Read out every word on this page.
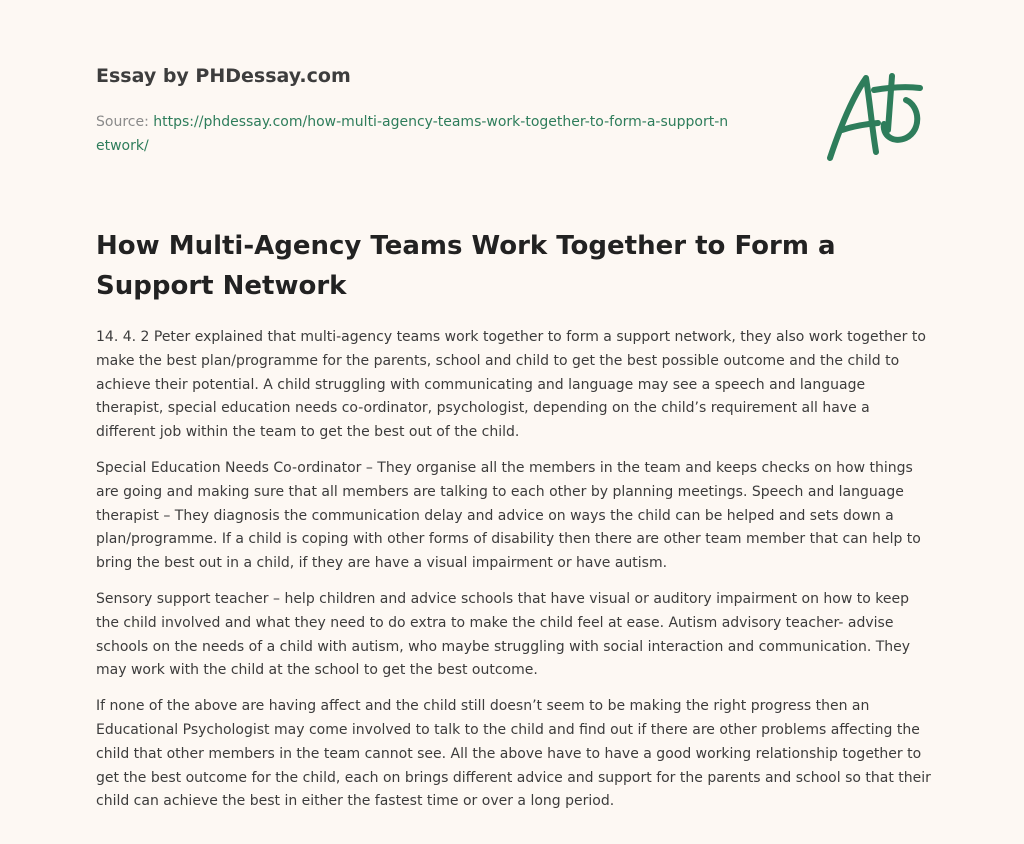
Essay by PHDessay.com
Source: https://phdessay.com/how-multi-agency-teams-work-together-to-form-a-support-network/
How Multi-Agency Teams Work Together to Form a Support Network

14. 4. 2 Peter explained that multi-agency teams work together to form a support network, they also work together to make the best plan/programme for the parents, school and child to get the best possible outcome and the child to achieve their potential. A child struggling with communicating and language may see a speech and language therapist, special education needs co-ordinator, psychologist, depending on the child’s requirement all have a different job within the team to get the best out of the child.

Special Education Needs Co-ordinator – They organise all the members in the team and keeps checks on how things are going and making sure that all members are talking to each other by planning meetings. Speech and language therapist – They diagnosis the communication delay and advice on ways the child can be helped and sets down a plan/programme. If a child is coping with other forms of disability then there are other team member that can help to bring the best out in a child, if they are have a visual impairment or have autism.

Sensory support teacher – help children and advice schools that have visual or auditory impairment on how to keep the child involved and what they need to do extra to make the child feel at ease. Autism advisory teacher- advise schools on the needs of a child with autism, who maybe struggling with social interaction and communication. They may work with the child at the school to get the best outcome.

If none of the above are having affect and the child still doesn’t seem to be making the right progress then an Educational Psychologist may come involved to talk to the child and find out if there are other problems affecting the child that other members in the team cannot see. All the above have to have a good working relationship together to get the best outcome for the child, each on brings different advice and support for the parents and school so that their child can achieve the best in either the fastest time or over a long period.
